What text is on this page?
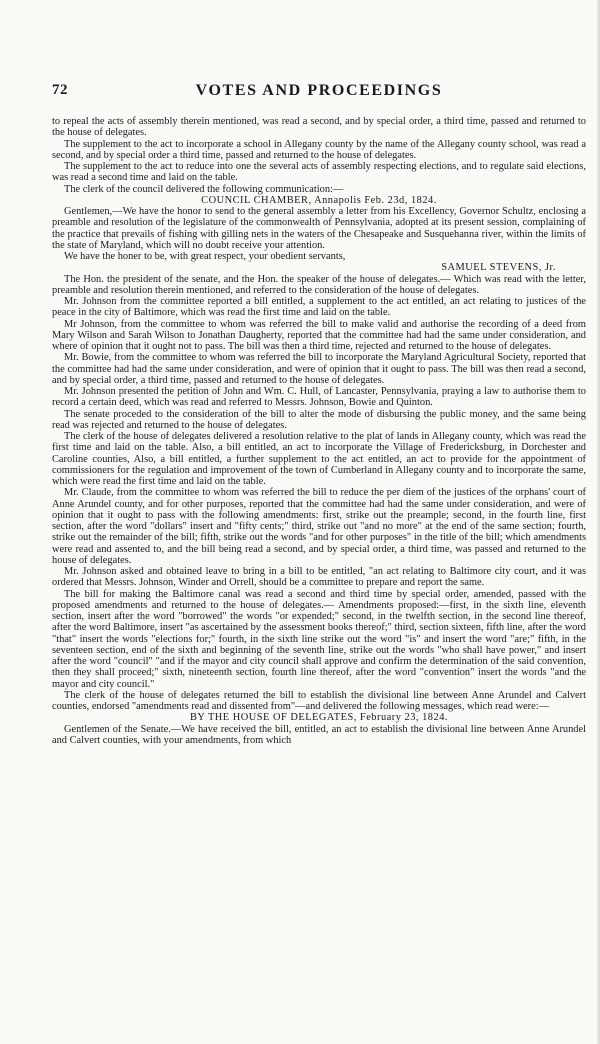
72	VOTES AND PROCEEDINGS

to repeal the acts of assembly therein mentioned, was read a second, and by special order, a third time, passed and returned to the house of delegates.

The supplement to the act to incorporate a school in Allegany county by the name of the Allegany county school, was read a second, and by special order a third time, passed and returned to the house of delegates.

The supplement to the act to reduce into one the several acts of assembly respecting elections, and to regulate said elections, was read a second time and laid on the table.

The clerk of the council delivered the following communication:—

COUNCIL CHAMBER, Annapolis Feb. 23d, 1824.

Gentlemen,—We have the honor to send to the general assembly a letter from his Excellency, Governor Schultz, enclosing a preamble and resolution of the legislature of the commonwealth of Pennsylvania, adopted at its present session, complaining of the practice that prevails of fishing with gilling nets in the waters of the Chesapeake and Susquehanna river, within the limits of the state of Maryland, which will no doubt receive your attention.

We have the honer to be, with great respect, your obedient servants,

SAMUEL STEVENS, Jr.

The Hon. the president of the senate, and the Hon. the speaker of the house of delegates.— Which was read with the letter, preamble and resolution therein mentioned, and referred to the consideration of the house of delegates.

Mr. Johnson from the committee reported a bill entitled, a supplement to the act entitled, an act relating to justices of the peace in the city of Baltimore, which was read the first time and laid on the table.

Mr Johnson, from the committee to whom was referred the bill to make valid and authorise the recording of a deed from Mary Wilson and Sarah Wilson to Jonathan Daugherty, reported that the committee had had the same under consideration, and where of opinion that it ought not to pass. The bill was then a third time, rejected and returned to the house of delegates.

Mr. Bowie, from the committee to whom was referred the bill to incorporate the Maryland Agricultural Society, reported that the committee had had the same under consideration, and were of opinion that it ought to pass. The bill was then read a second, and by special order, a third time, passed and returned to the house of delegates.

Mr. Johnson presented the petition of John and Wm. C. Hull, of Lancaster, Pennsylvania, praying a law to authorise them to record a certain deed, which was read and referred to Messrs. Johnson, Bowie and Quinton.

The senate proceded to the consideration of the bill to alter the mode of disbursing the public money, and the same being read was rejected and returned to the house of delegates.

The clerk of the house of delegates delivered a resolution relative to the plat of lands in Allegany county, which was read the first time and laid on the table. Also, a bill entitled, an act to incorporate the Village of Fredericksburg, in Dorchester and Caroline counties, Also, a bill entitled, a further supplement to the act entitled, an act to provide for the appointment of commissioners for the regulation and improvement of the town of Cumberland in Allegany county and to incorporate the same, which were read the first time and laid on the table.

Mr. Claude, from the committee to whom was referred the bill to reduce the per diem of the justices of the orphans' court of Anne Arundel county, and for other purposes, reported that the committee had had the same under consideration, and were of opinion that it ought to pass with the following amendments: first, strike out the preample; second, in the fourth line, first section, after the word "dollars" insert and "fifty cents;" third, strike out "and no more" at the end of the same section; fourth, strike out the remainder of the bill; fifth, strike out the words "and for other purposes" in the title of the bill; which amendments were read and assented to, and the bill being read a second, and by special order, a third time, was passed and returned to the house of delegates.

Mr. Johnson asked and obtained leave to bring in a bill to be entitled, "an act relating to Baltimore city court, and it was ordered that Messrs. Johnson, Winder and Orrell, should be a committee to prepare and report the same.

The bill for making the Baltimore canal was read a second and third time by special order, amended, passed with the proposed amendments and returned to the house of delegates.— Amendments proposed:—first, in the sixth line, eleventh section, insert after the word "borrowed" the words "or expended;" second, in the twelfth section, in the second line thereof, after the word Baltimore, insert "as ascertained by the assessment books thereof;" third, section sixteen, fifth line, after the word "that" insert the words "elections for;" fourth, in the sixth line strike out the word "is" and insert the word "are;" fifth, in the seventeen section, end of the sixth and beginning of the seventh line, strike out the words "who shall have power," and insert after the word "council" "and if the mayor and city council shall approve and confirm the determination of the said convention, then they shall proceed;" sixth, nineteenth section, fourth line thereof, after the word "convention" insert the words "and the mayor and city council."

The clerk of the house of delegates returned the bill to establish the divisional line between Anne Arundel and Calvert counties, endorsed "amendments read and dissented from"—and delivered the following messages, which read were:—

BY THE HOUSE OF DELEGATES, February 23, 1824.

Gentlemen of the Senate.—We have received the bill, entitled, an act to establish the divisional line between Anne Arundel and Calvert counties, with your amendments, from which
